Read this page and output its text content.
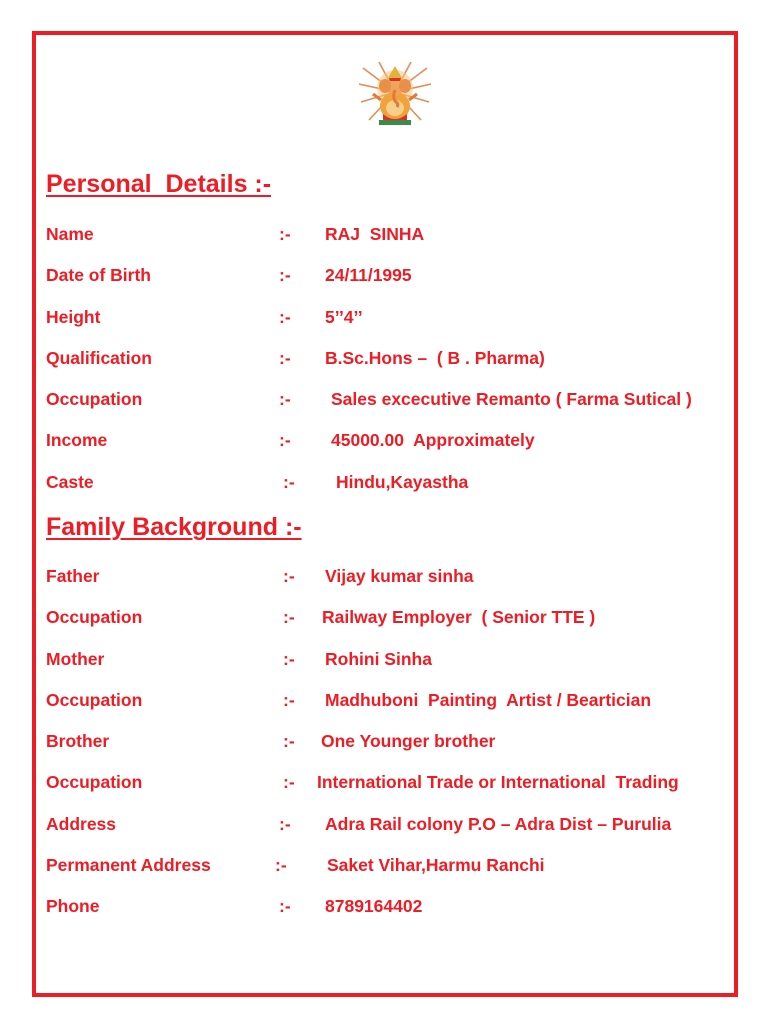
Personal  Details :-
Name	:- RAJ  SINHA
Date of Birth	:- 24/11/1995
Height	:- 5’’4’’
Qualification	:- B.Sc.Hons –  ( B . Pharma)
Occupation	:- Sales excecutive Remanto ( Farma Sutical )
Income	:- 45000.00  Approximately
Caste	:- Hindu,Kayastha
Family Background :-
Father	:- Vijay kumar sinha
Occupation	:- Railway Employer  ( Senior TTE )
Mother	:- Rohini Sinha
Occupation	:- Madhuboni  Painting  Artist / Beartician
Brother	:- One Younger brother
Occupation	:- International Trade or International  Trading
Address	:- Adra Rail colony P.O – Adra Dist – Purulia
Permanent Address	:- Saket Vihar,Harmu Ranchi
Phone	:- 8789164402
